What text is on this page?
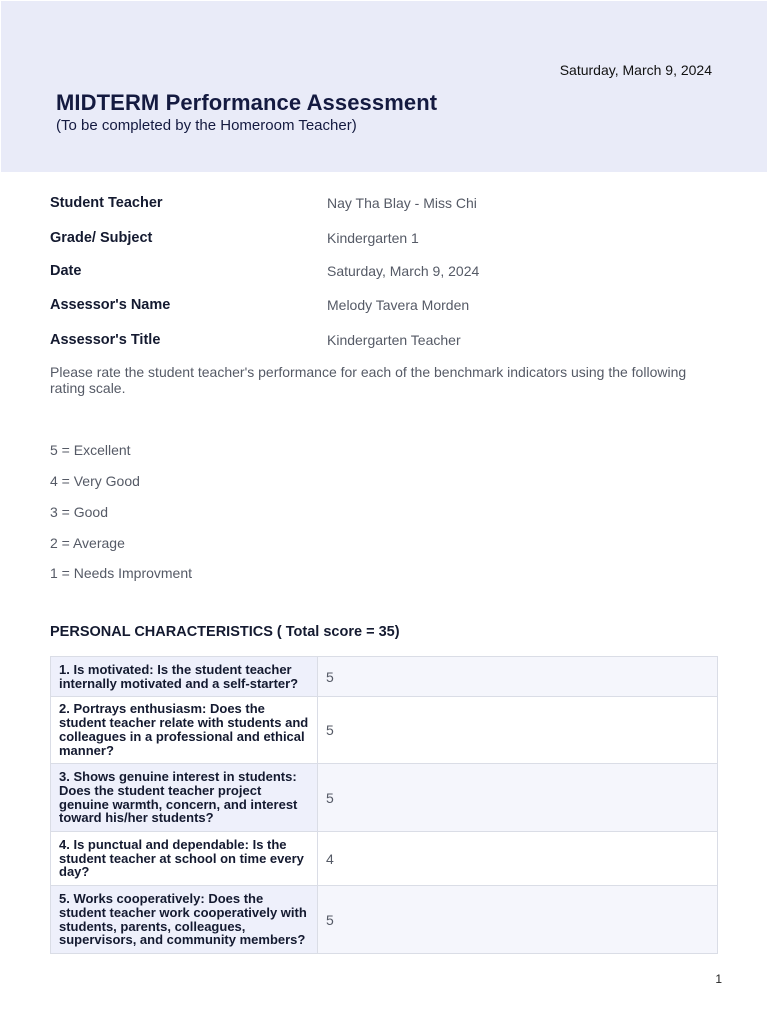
Saturday, March 9, 2024
MIDTERM Performance Assessment
(To be completed by the Homeroom Teacher)
Student Teacher	Nay Tha Blay - Miss Chi
Grade/ Subject	Kindergarten 1
Date	Saturday, March 9, 2024
Assessor's Name	Melody Tavera Morden
Assessor's Title	Kindergarten Teacher
Please rate the student teacher's performance for each of the benchmark indicators using the following rating scale.
5 = Excellent
4 = Very Good
3 = Good
2 = Average
1 = Needs Improvment
PERSONAL CHARACTERISTICS ( Total score = 35)
1. Is motivated: Is the student teacher internally motivated and a self-starter?	5
2. Portrays enthusiasm: Does the student teacher relate with students and colleagues in a professional and ethical manner?	5
3. Shows genuine interest in students: Does the student teacher project genuine warmth, concern, and interest toward his/her students?	5
4. Is punctual and dependable: Is the student teacher at school on time every day?	4
5. Works cooperatively: Does the student teacher work cooperatively with students, parents, colleagues, supervisors, and community members?	5
1
